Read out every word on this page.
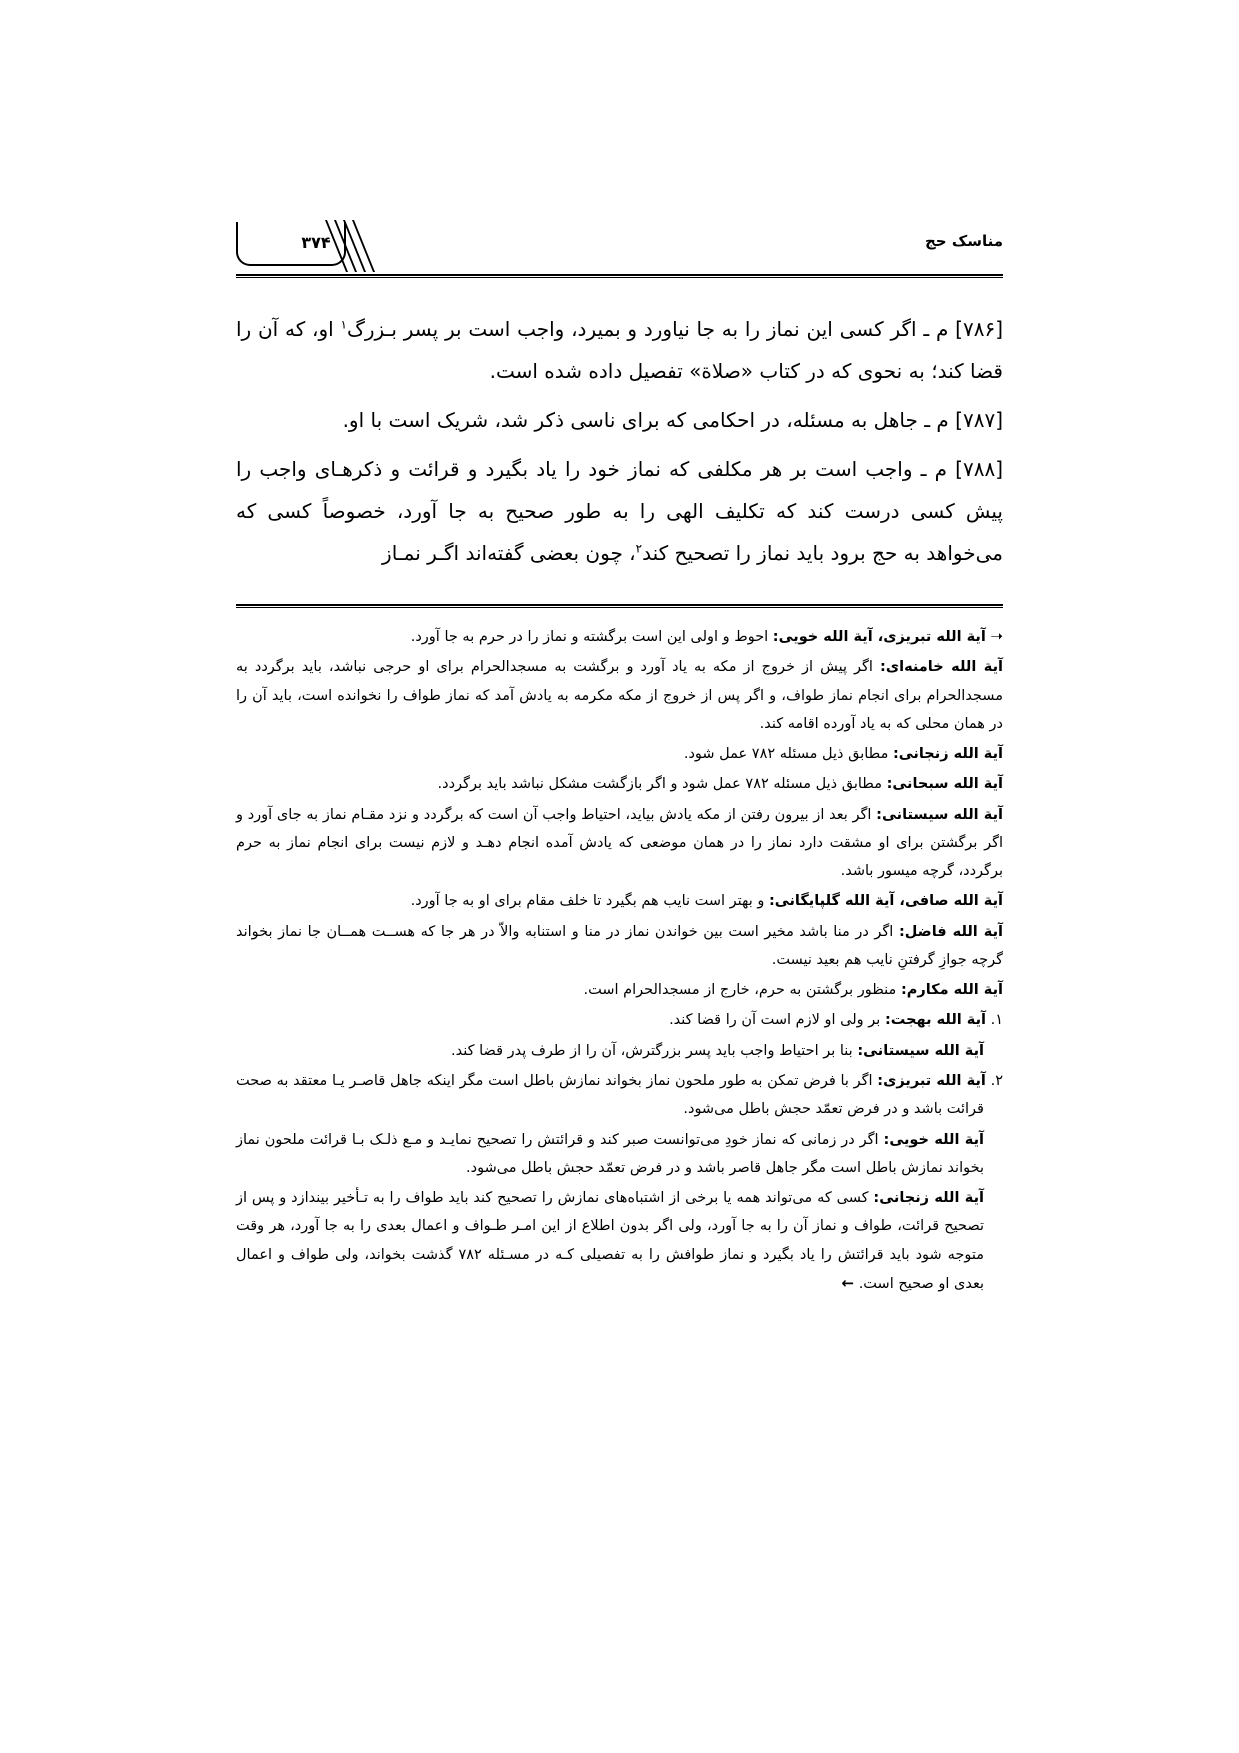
مناسک حج
۳۷۴

[۷۸۶] م ـ اگر کسی این نماز را به جا نیاورد و بمیرد، واجب است بر پسر بـزرگ$^۱$ او، که آن را قضا کند؛ به نحوی که در کتاب «صلاة» تفصیل داده شده است.

[۷۸۷] م ـ جاهل به مسئله، در احکامی که برای ناسی ذکر شد، شریک است با او.

[۷۸۸] م ـ واجب است بر هر مکلفی که نماز خود را یاد بگیرد و قرائت و ذکرهـای واجب را پیش کسی درست کند که تکلیف الهی را به طور صحیح به جا آورد، خصوصاً کسی که می‌خواهد به حج برود باید نماز را تصحیح کند$^۲$، چون بعضی گفته‌اند اگـر نمـاز

➝ آیة الله تبریزی، آیة الله خویی: احوط و اولی این است برگشته و نماز را در حرم به جا آورد.

آیة الله خامنه‌ای: اگر پیش از خروج از مکه به یاد آورد و برگشت به مسجدالحرام برای او حرجی نباشد، باید برگردد به مسجدالحرام برای انجام نماز طواف، و اگر پس از خروج از مکه مکرمه به یادش آمد که نماز طواف را نخوانده است، باید آن را در همان محلی که به یاد آورده اقامه کند.

آیة الله زنجانی: مطابق ذیل مسئله ۷۸۲ عمل شود.

آیة الله سبحانی: مطابق ذیل مسئله ۷۸۲ عمل شود و اگر بازگشت مشکل نباشد باید برگردد.

آیة الله سیستانی: اگر بعد از بیرون رفتن از مکه یادش بیاید، احتیاط واجب آن است که برگردد و نزد مقـام نماز به جای آورد و اگر برگشتن برای او مشقت دارد نماز را در همان موضعی که یادش آمده انجام دهـد و لازم نیست برای انجام نماز به حرم برگردد، گرچه میسور باشد.

آیة الله صافی، آیة الله گلپایگانی: و بهتر است نایب هم بگیرد تا خلف مقام برای او به جا آورد.

آیة الله فاضل: اگر در منا باشد مخیر است بین خواندن نماز در منا و استنابه والاّ در هر جا که هســت همــان جا نماز بخواند گرچه جوازِ گرفتنِ نایب هم بعید نیست.

آیة الله مکارم: منظور برگشتن به حرم، خارج از مسجدالحرام است.

۱. آیة الله بهجت: بر ولی او لازم است آن را قضا کند.

آیة الله سیستانی: بنا بر احتیاط واجب باید پسر بزرگترش، آن را از طرف پدر قضا کند.

۲. آیة الله تبریزی: اگر با فرض تمکن به طور ملحون نماز بخواند نمازش باطل است مگر اینکه جاهل قاصـر یـا معتقد به صحت قرائت باشد و در فرض تعمّد حجش باطل می‌شود.

آیة الله خویی: اگر در زمانی که نماز خودِ می‌توانست صبر کند و قرائتش را تصحیح نمایـد و مـع ذلـک بـا قرائت ملحون نماز بخواند نمازش باطل است مگر جاهل قاصر باشد و در فرض تعمّد حجش باطل می‌شود.

آیة الله زنجانی: کسی که می‌تواند همه یا برخی از اشتباه‌های نمازش را تصحیح کند باید طواف را به تـأخیر بیندازد و پس از تصحیح قرائت، طواف و نماز آن را به جا آورد، ولی اگر بدون اطلاع از این امـر طـواف و اعمال بعدی را به جا آورد، هر وقت متوجه شود باید قرائتش را یاد بگیرد و نماز طوافش را به تفصیلی کـه در مسـئله ۷۸۲ گذشت بخواند، ولی طواف و اعمال بعدی او صحیح است. ←
